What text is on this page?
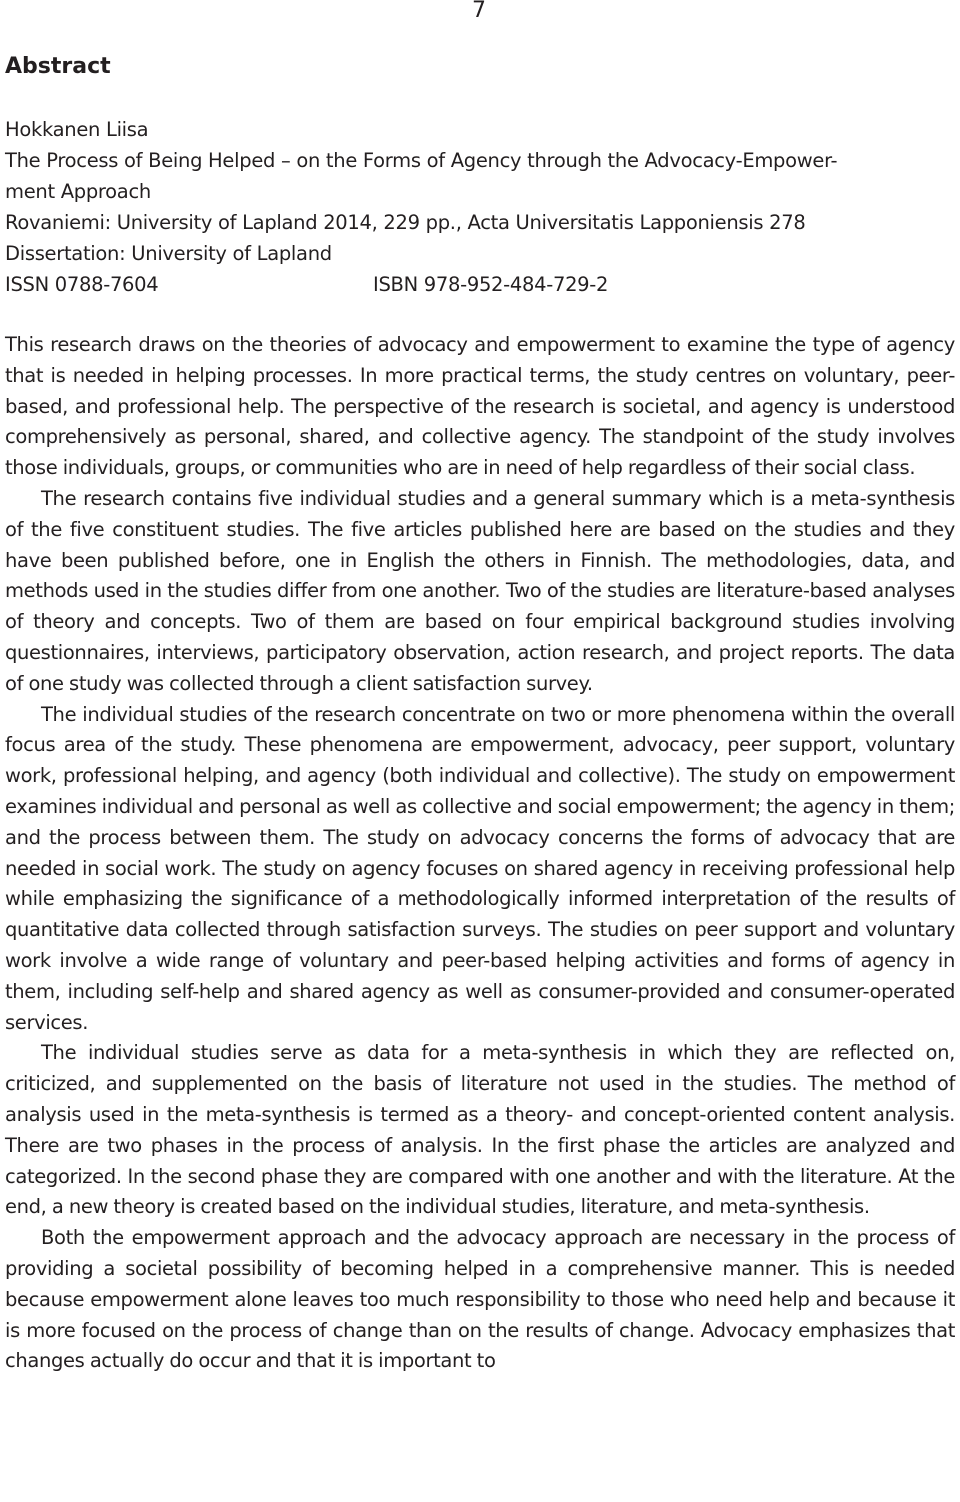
7
Abstract
Hokkanen Liisa
The Process of Being Helped – on the Forms of Agency through the Advocacy-Empower-
ment Approach
Rovaniemi: University of Lapland 2014, 229 pp., Acta Universitatis Lapponiensis 278
Dissertation: University of Lapland
ISSN 0788-7604	ISBN 978-952-484-729-2

This research draws on the theories of advocacy and empowerment to examine the type of agency that is needed in helping processes. In more practical terms, the study centres on voluntary, peer-based, and professional help. The perspective of the research is societal, and agency is understood comprehensively as personal, shared, and collective agency. The standpoint of the study involves those individuals, groups, or communities who are in need of help regardless of their social class.

The research contains five individual studies and a general summary which is a meta-synthesis of the five constituent studies. The five articles published here are based on the studies and they have been published before, one in English the others in Finnish. The methodologies, data, and methods used in the studies differ from one another. Two of the studies are literature-based analyses of theory and concepts. Two of them are based on four empirical background studies involving questionnaires, interviews, participatory observation, action research, and project reports. The data of one study was collected through a client satisfaction survey.

The individual studies of the research concentrate on two or more phenomena within the overall focus area of the study. These phenomena are empowerment, advocacy, peer support, voluntary work, professional helping, and agency (both individual and collective). The study on empowerment examines individual and personal as well as collective and social empowerment; the agency in them; and the process between them. The study on advocacy concerns the forms of advocacy that are needed in social work. The study on agency focuses on shared agency in receiving professional help while emphasizing the significance of a methodologically informed interpretation of the results of quantitative data collected through satisfaction surveys. The studies on peer support and voluntary work involve a wide range of voluntary and peer-based helping activities and forms of agency in them, including self-help and shared agency as well as consumer-provided and consumer-operated services.

The individual studies serve as data for a meta-synthesis in which they are reflected on, criticized, and supplemented on the basis of literature not used in the studies. The method of analysis used in the meta-synthesis is termed as a theory- and concept-oriented content analysis. There are two phases in the process of analysis. In the first phase the articles are analyzed and categorized. In the second phase they are compared with one another and with the literature. At the end, a new theory is created based on the individual studies, literature, and meta-synthesis.

Both the empowerment approach and the advocacy approach are necessary in the process of providing a societal possibility of becoming helped in a comprehensive manner. This is needed because empowerment alone leaves too much responsibility to those who need help and because it is more focused on the process of change than on the results of change. Advocacy emphasizes that changes actually do occur and that it is important to
